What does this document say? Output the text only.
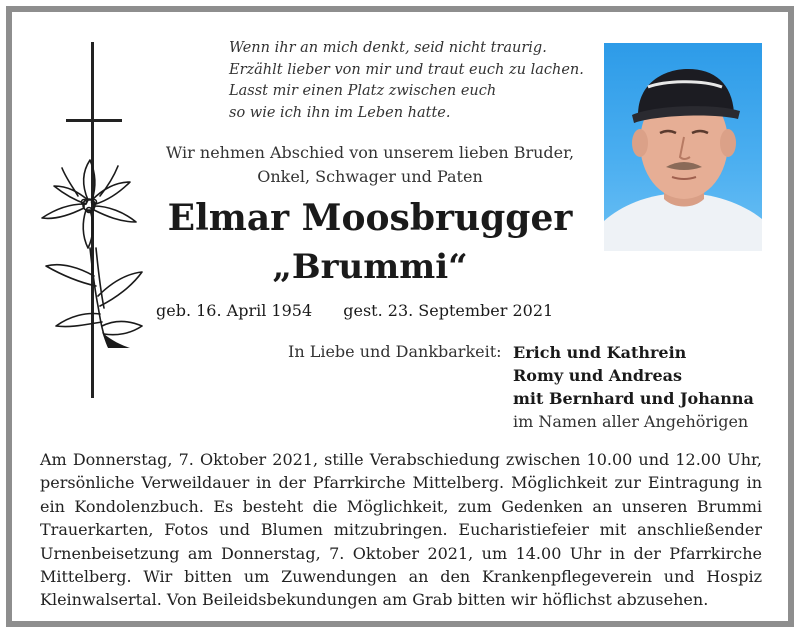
Wenn ihr an mich denkt, seid nicht traurig.
Erzählt lieber von mir und traut euch zu lachen.
Lasst mir einen Platz zwischen euch
so wie ich ihn im Leben hatte.
Wir nehmen Abschied von unserem lieben Bruder,
Onkel, Schwager und Paten
Elmar Moosbrugger
„Brummi“
geb. 16. April 1954 gest. 23. September 2021
In Liebe und Dankbarkeit: Erich und Kathrein
Romy und Andreas
mit Bernhard und Johanna
im Namen aller Angehörigen
Am Donnerstag, 7. Oktober 2021, stille Verabschiedung zwischen 10.00 und 12.00 Uhr, persönliche Verweildauer in der Pfarrkirche Mittelberg. Möglichkeit zur Eintragung in ein Kondolenzbuch. Es besteht die Möglichkeit, zum Gedenken an unseren Brummi Trauerkarten, Fotos und Blumen mitzubringen. Eucharistiefeier mit anschließender Urnenbeisetzung am Donnerstag, 7. Oktober 2021, um 14.00 Uhr in der Pfarrkirche Mittelberg. Wir bitten um Zuwendungen an den Krankenpflegeverein und Hospiz Kleinwalsertal. Von Beileidsbekundungen am Grab bitten wir höflichst abzusehen.
